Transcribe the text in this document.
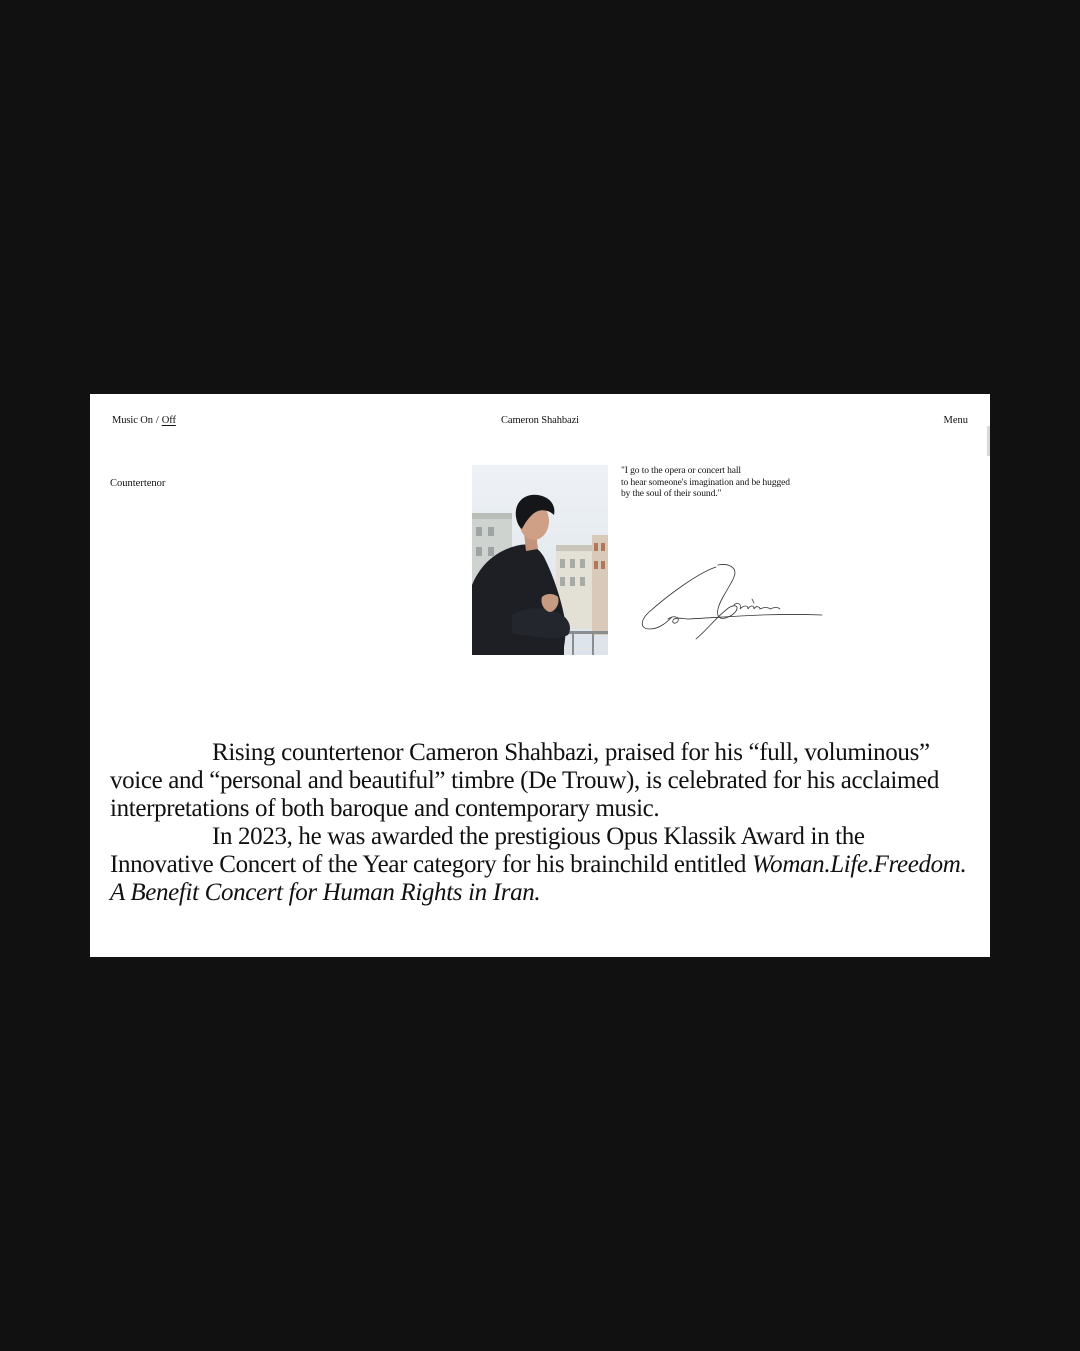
Music On / Off	Cameron Shahbazi	Menu
Countertenor
"I go to the opera or concert hall
to hear someone's imagination and be hugged
by the soul of their sound."

Rising countertenor Cameron Shahbazi, praised for his “full, voluminous” voice and “personal and beautiful” timbre (De Trouw), is celebrated for his acclaimed interpretations of both baroque and contemporary music.

In 2023, he was awarded the prestigious Opus Klassik Award in the Innovative Concert of the Year category for his brainchild entitled Woman.Life.Freedom. A Benefit Concert for Human Rights in Iran.
